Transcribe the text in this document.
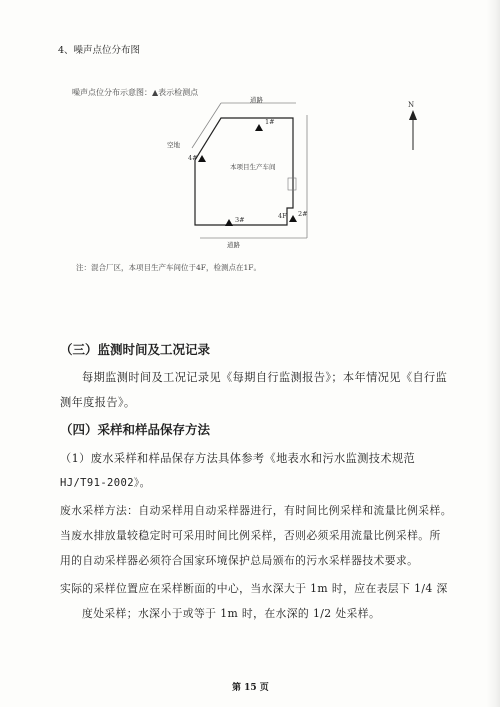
4、噪声点位分布图
噪声点位分布示意图：▲表示检测点
道路
1#
空地
4#
本项目生产车间
2#
4F
3#
道路
N
注：混合厂区，本项目生产车间位于4F，检测点在1F。
（三）监测时间及工况记录
每期监测时间及工况记录见《每期自行监测报告》；本年情况见《自行监
测年度报告》。
（四）采样和样品保存方法
（1）废水采样和样品保存方法具体参考《地表水和污水监测技术规范
HJ/T91-2002》。
废水采样方法：自动采样用自动采样器进行，有时间比例采样和流量比例采样。
当废水排放量较稳定时可采用时间比例采样，否则必须采用流量比例采样。所
用的自动采样器必须符合国家环境保护总局颁布的污水采样器技术要求。
实际的采样位置应在采样断面的中心，当水深大于 1m 时，应在表层下 1/4 深
度处采样；水深小于或等于 1m 时，在水深的 1/2 处采样。
第 15 页
